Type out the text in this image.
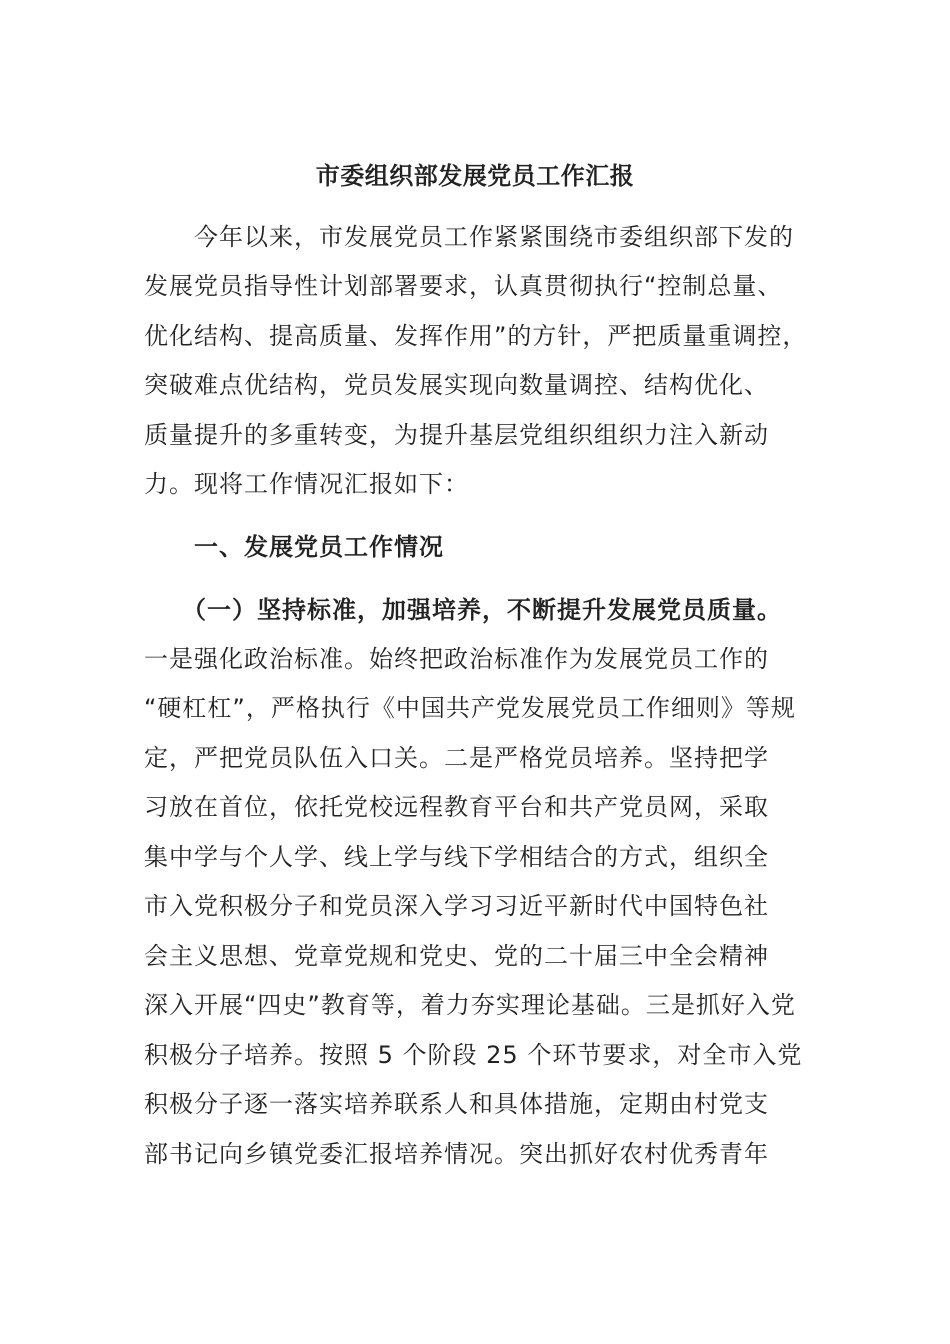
市委组织部发展党员工作汇报
　　今年以来，市发展党员工作紧紧围绕市委组织部下发的
发展党员指导性计划部署要求，认真贯彻执行“控制总量、
优化结构、提高质量、发挥作用”的方针，严把质量重调控，
突破难点优结构，党员发展实现向数量调控、结构优化、
质量提升的多重转变，为提升基层党组织组织力注入新动
力。现将工作情况汇报如下：
　　一、发展党员工作情况
　　（一）坚持标准，加强培养，不断提升发展党员质量。
一是强化政治标准。始终把政治标准作为发展党员工作的
“硬杠杠”，严格执行《中国共产党发展党员工作细则》等规
定，严把党员队伍入口关。二是严格党员培养。坚持把学
习放在首位，依托党校远程教育平台和共产党员网，采取
集中学与个人学、线上学与线下学相结合的方式，组织全
市入党积极分子和党员深入学习习近平新时代中国特色社
会主义思想、党章党规和党史、党的二十届三中全会精神
深入开展“四史”教育等，着力夯实理论基础。三是抓好入党
积极分子培养。按照 5 个阶段 25 个环节要求，对全市入党
积极分子逐一落实培养联系人和具体措施，定期由村党支
部书记向乡镇党委汇报培养情况。突出抓好农村优秀青年
